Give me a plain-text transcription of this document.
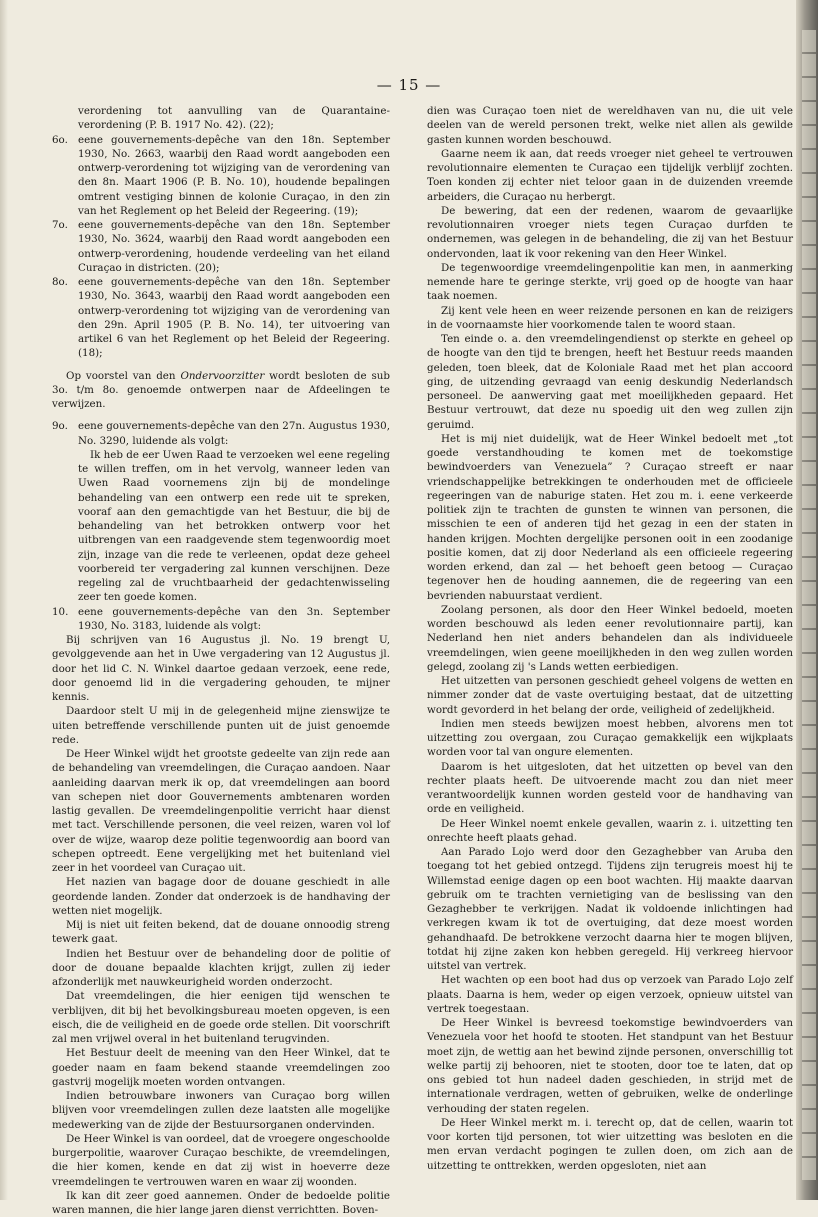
— 15 —

verordening tot aanvulling van de Quarantaine-verordening (P. B. 1917 No. 42). (22);

6o. eene gouvernements-depêche van den 18n. September 1930, No. 2663, waarbij den Raad wordt aangeboden een ontwerp-verordening tot wijziging van de verordening van den 8n. Maart 1906 (P. B. No. 10), houdende bepalingen omtrent vestiging binnen de kolonie Curaçao, in den zin van het Reglement op het Beleid der Regeering. (19);

7o. eene gouvernements-depêche van den 18n. September 1930, No. 3624, waarbij den Raad wordt aangeboden een ontwerp-verordening, houdende verdeeling van het eiland Curaçao in districten. (20);

8o. eene gouvernements-depêche van den 18n. September 1930, No. 3643, waarbij den Raad wordt aangeboden een ontwerp-verordening tot wijziging van de verordening van den 29n. April 1905 (P. B. No. 14), ter uitvoering van artikel 6 van het Reglement op het Beleid der Regeering. (18);

Op voorstel van den Ondervoorzitter wordt besloten de sub 3o. t/m 8o. genoemde ontwerpen naar de Afdeelingen te verwijzen.

9o. eene gouvernements-depêche van den 27n. Augustus 1930, No. 3290, luidende als volgt:

Ik heb de eer Uwen Raad te verzoeken wel eene regeling te willen treffen, om in het vervolg, wanneer leden van Uwen Raad voornemens zijn bij de mondelinge behandeling van een ontwerp een rede uit te spreken, vooraf aan den gemachtigde van het Bestuur, die bij de behandeling van het betrokken ontwerp voor het uitbrengen van een raadgevende stem tegenwoordig moet zijn, inzage van die rede te verleenen, opdat deze geheel voorbereid ter vergadering zal kunnen verschijnen. Deze regeling zal de vruchtbaarheid der gedachtenwisseling zeer ten goede komen.

10. eene gouvernements-depêche van den 3n. September 1930, No. 3183, luidende als volgt:

Bij schrijven van 16 Augustus jl. No. 19 brengt U, gevolggevende aan het in Uwe vergadering van 12 Augustus jl. door het lid C. N. Winkel daartoe gedaan verzoek, eene rede, door genoemd lid in die vergadering gehouden, te mijner kennis.

Daardoor stelt U mij in de gelegenheid mijne zienswijze te uiten betreffende verschillende punten uit de juist genoemde rede.

De Heer Winkel wijdt het grootste gedeelte van zijn rede aan de behandeling van vreemdelingen, die Curaçao aandoen. Naar aanleiding daarvan merk ik op, dat vreemdelingen aan boord van schepen niet door Gouvernements ambtenaren worden lastig gevallen. De vreemdelingenpolitie verricht haar dienst met tact. Verschillende personen, die veel reizen, waren vol lof over de wijze, waarop deze politie tegenwoordig aan boord van schepen optreedt. Eene vergelijking met het buitenland viel zeer in het voordeel van Curaçao uit.

Het nazien van bagage door de douane geschiedt in alle geordende landen. Zonder dat onderzoek is de handhaving der wetten niet mogelijk.

Mij is niet uit feiten bekend, dat de douane onnoodig streng tewerk gaat.

Indien het Bestuur over de behandeling door de politie of door de douane bepaalde klachten krijgt, zullen zij ieder afzonderlijk met nauwkeurigheid worden onderzocht.

Dat vreemdelingen, die hier eenigen tijd wenschen te verblijven, dit bij het bevolkingsbureau moeten opgeven, is een eisch, die de veiligheid en de goede orde stellen. Dit voorschrift zal men vrijwel overal in het buitenland terugvinden.

Het Bestuur deelt de meening van den Heer Winkel, dat te goeder naam en faam bekend staande vreemdelingen zoo gastvrij mogelijk moeten worden ontvangen.

Indien betrouwbare inwoners van Curaçao borg willen blijven voor vreemdelingen zullen deze laatsten alle mogelijke medewerking van de zijde der Bestuursorganen ondervinden.

De Heer Winkel is van oordeel, dat de vroegere ongeschoolde burgerpolitie, waarover Curaçao beschikte, de vreemdelingen, die hier komen, kende en dat zij wist in hoeverre deze vreemdelingen te vertrouwen waren en waar zij woonden.

Ik kan dit zeer goed aannemen. Onder de bedoelde politie waren mannen, die hier lange jaren dienst verrichtten. Boven-

dien was Curaçao toen niet de wereldhaven van nu, die uit vele deelen van de wereld personen trekt, welke niet allen als gewilde gasten kunnen worden beschouwd.

Gaarne neem ik aan, dat reeds vroeger niet geheel te vertrouwen revolutionnaire elementen te Curaçao een tijdelijk verblijf zochten. Toen konden zij echter niet teloor gaan in de duizenden vreemde arbeiders, die Curaçao nu herbergt.

De bewering, dat een der redenen, waarom de gevaarlijke revolutionnairen vroeger niets tegen Curaçao durfden te ondernemen, was gelegen in de behandeling, die zij van het Bestuur ondervonden, laat ik voor rekening van den Heer Winkel.

De tegenwoordige vreemdelingenpolitie kan men, in aanmerking nemende hare te geringe sterkte, vrij goed op de hoogte van haar taak noemen.

Zij kent vele heen en weer reizende personen en kan de reizigers in de voornaamste hier voorkomende talen te woord staan.

Ten einde o. a. den vreemdelingendienst op sterkte en geheel op de hoogte van den tijd te brengen, heeft het Bestuur reeds maanden geleden, toen bleek, dat de Koloniale Raad met het plan accoord ging, de uitzending gevraagd van eenig deskundig Nederlandsch personeel. De aanwerving gaat met moeilijkheden gepaard. Het Bestuur vertrouwt, dat deze nu spoedig uit den weg zullen zijn geruimd.

Het is mij niet duidelijk, wat de Heer Winkel bedoelt met „tot goede verstandhouding te komen met de toekomstige bewindvoerders van Venezuela” ? Curaçao streeft er naar vriendschappelijke betrekkingen te onderhouden met de officieele regeeringen van de naburige staten. Het zou m. i. eene verkeerde politiek zijn te trachten de gunsten te winnen van personen, die misschien te een of anderen tijd het gezag in een der staten in handen krijgen. Mochten dergelijke personen ooit in een zoodanige positie komen, dat zij door Nederland als een officieele regeering worden erkend, dan zal — het behoeft geen betoog — Curaçao tegenover hen de houding aannemen, die de regeering van een bevrienden nabuurstaat verdient.

Zoolang personen, als door den Heer Winkel bedoeld, moeten worden beschouwd als leden eener revolutionnaire partij, kan Nederland hen niet anders behandelen dan als individueele vreemdelingen, wien geene moeilijkheden in den weg zullen worden gelegd, zoolang zij 's Lands wetten eerbiedigen.

Het uitzetten van personen geschiedt geheel volgens de wetten en nimmer zonder dat de vaste overtuiging bestaat, dat de uitzetting wordt gevorderd in het belang der orde, veiligheid of zedelijkheid.

Indien men steeds bewijzen moest hebben, alvorens men tot uitzetting zou overgaan, zou Curaçao gemakkelijk een wijkplaats worden voor tal van ongure elementen.

Daarom is het uitgesloten, dat het uitzetten op bevel van den rechter plaats heeft. De uitvoerende macht zou dan niet meer verantwoordelijk kunnen worden gesteld voor de handhaving van orde en veiligheid.

De Heer Winkel noemt enkele gevallen, waarin z. i. uitzetting ten onrechte heeft plaats gehad.

Aan Parado Lojo werd door den Gezaghebber van Aruba den toegang tot het gebied ontzegd. Tijdens zijn terugreis moest hij te Willemstad eenige dagen op een boot wachten. Hij maakte daarvan gebruik om te trachten vernietiging van de beslissing van den Gezaghebber te verkrijgen. Nadat ik voldoende inlichtingen had verkregen kwam ik tot de overtuiging, dat deze moest worden gehandhaafd. De betrokkene verzocht daarna hier te mogen blijven, totdat hij zijne zaken kon hebben geregeld. Hij verkreeg hiervoor uitstel van vertrek.

Het wachten op een boot had dus op verzoek van Parado Lojo zelf plaats. Daarna is hem, weder op eigen verzoek, opnieuw uitstel van vertrek toegestaan.

De Heer Winkel is bevreesd toekomstige bewindvoerders van Venezuela voor het hoofd te stooten. Het standpunt van het Bestuur moet zijn, de wettig aan het bewind zijnde personen, onverschillig tot welke partij zij behooren, niet te stooten, door toe te laten, dat op ons gebied tot hun nadeel daden geschieden, in strijd met de internationale verdragen, wetten of gebruiken, welke de onderlinge verhouding der staten regelen.

De Heer Winkel merkt m. i. terecht op, dat de cellen, waarin tot voor korten tijd personen, tot wier uitzetting was besloten en die men ervan verdacht pogingen te zullen doen, om zich aan de uitzetting te onttrekken, werden opgesloten, niet aan
